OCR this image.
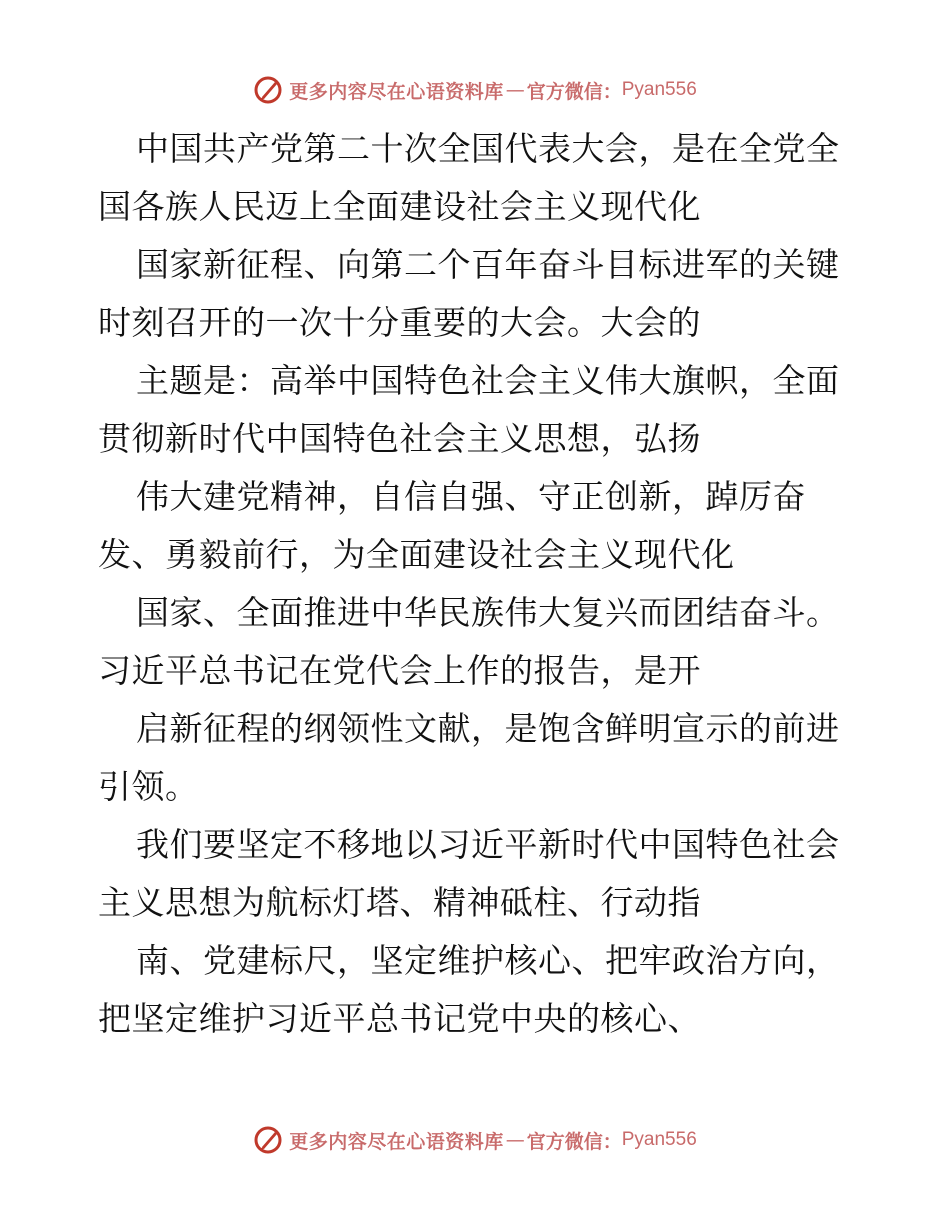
更多内容尽在心语资料库 — 官方微信： Pyan556
中国共产党第二十次全国代表大会，是在全党全
国各族人民迈上全面建设社会主义现代化
国家新征程、向第二个百年奋斗目标进军的关键
时刻召开的一次十分重要的大会。大会的
主题是：高举中国特色社会主义伟大旗帜，全面
贯彻新时代中国特色社会主义思想，弘扬
伟大建党精神，自信自强、守正创新，踔厉奋
发、勇毅前行，为全面建设社会主义现代化
国家、全面推进中华民族伟大复兴而团结奋斗。
习近平总书记在党代会上作的报告，是开
启新征程的纲领性文献，是饱含鲜明宣示的前进
引领。
我们要坚定不移地以习近平新时代中国特色社会
主义思想为航标灯塔、精神砥柱、行动指
南、党建标尺，坚定维护核心、把牢政治方向，
把坚定维护习近平总书记党中央的核心、
更多内容尽在心语资料库 — 官方微信： Pyan556
